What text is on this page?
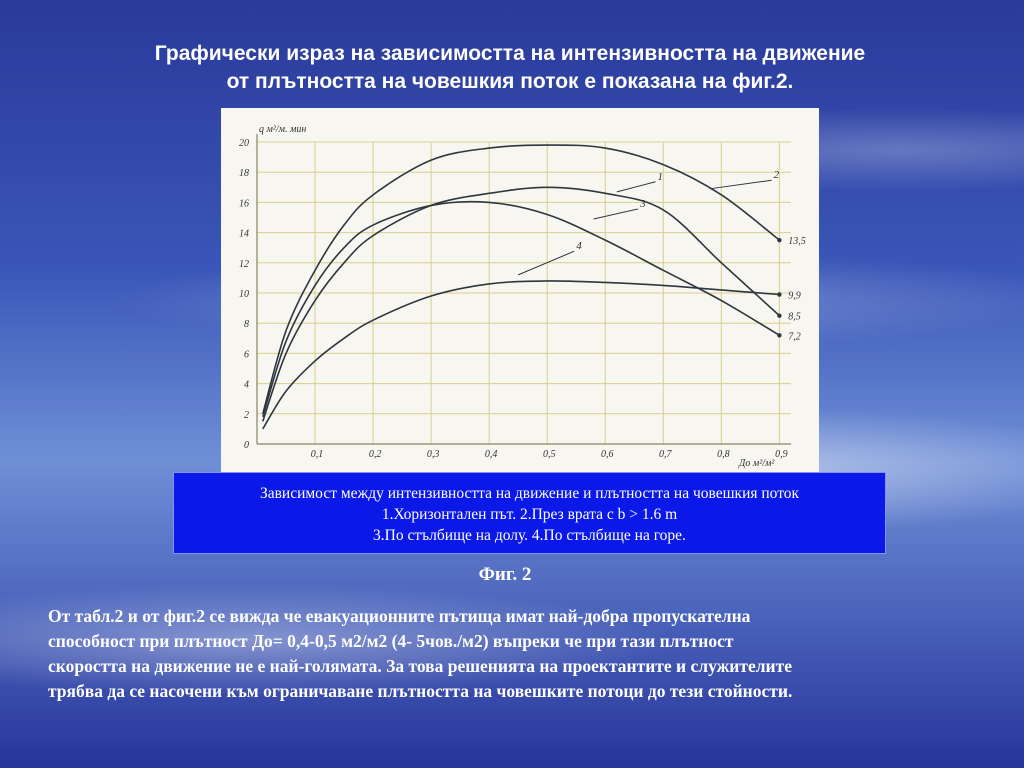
Графически израз на зависимостта на интензивността на движение
от плътността на човешкия поток е показана на фиг.2.
0
2
4
6
8
10
12
14
16
18
20
0,1	0,2	0,3	0,4	0,5	0,6	0,7	0,8	0,9
q м²/м. мин
До м²/м²
1	2
3
4	13,5
9,9
8,5
7,2
Зависимост между интензивността на движение и плътността на човешкия поток
1.Хоризонтален път. 2.През врата с b > 1.6 m
3.По стълбище на долу. 4.По стълбище на горе.
Фиг. 2
От табл.2 и от фиг.2 се вижда че евакуационните пътища имат най-добра пропускателна
способност при плътност До= 0,4-0,5 м2/м2 (4- 5чов./м2) въпреки че при тази плътност
скоростта на движение не е най-голямата. За това решенията на проектантите и служителите
трябва да се насочени към ограничаване плътността на човешките потоци до тези стойности.
